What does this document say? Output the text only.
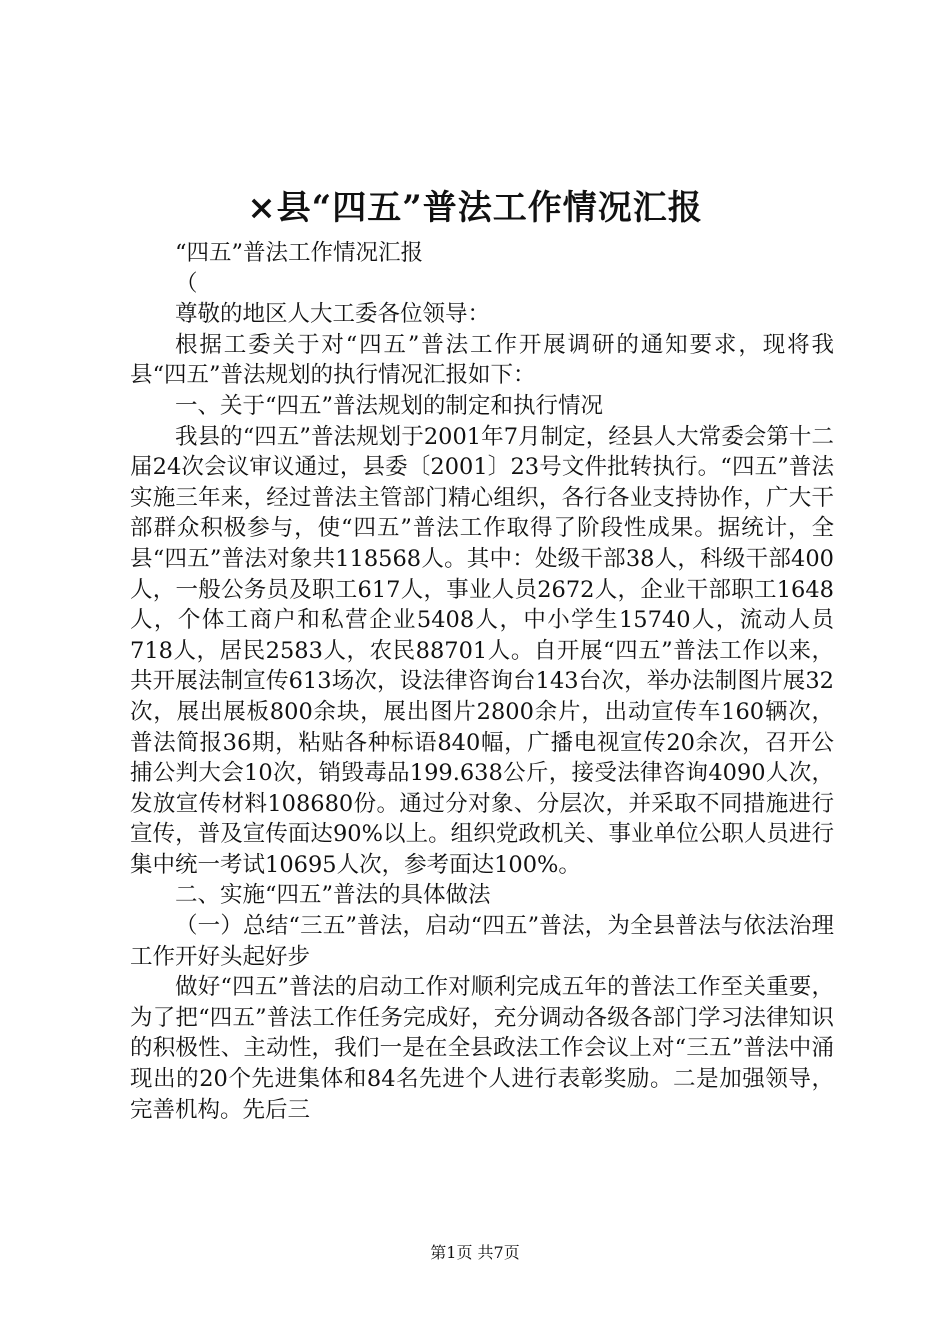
×县“四五”普法工作情况汇报

“四五”普法工作情况汇报

（

尊敬的地区人大工委各位领导：

根据工委关于对“四五”普法工作开展调研的通知要求，现将我县“四五”普法规划的执行情况汇报如下：

一、关于“四五”普法规划的制定和执行情况

我县的“四五”普法规划于2001年7月制定，经县人大常委会第十二届24次会议审议通过，县委〔2001〕23号文件批转执行。“四五”普法实施三年来，经过普法主管部门精心组织，各行各业支持协作，广大干部群众积极参与，使“四五”普法工作取得了阶段性成果。据统计，全县“四五”普法对象共118568人。其中：处级干部38人，科级干部400人，一般公务员及职工617人，事业人员2672人，企业干部职工1648人，个体工商户和私营企业5408人，中小学生15740人，流动人员718人，居民2583人，农民88701人。自开展“四五”普法工作以来，共开展法制宣传613场次，设法律咨询台143台次，举办法制图片展32次，展出展板800余块，展出图片2800余片，出动宣传车160辆次，普法简报36期，粘贴各种标语840幅，广播电视宣传20余次，召开公捕公判大会10次，销毁毒品199.638公斤，接受法律咨询4090人次，发放宣传材料108680份。通过分对象、分层次，并采取不同措施进行宣传，普及宣传面达90%以上。组织党政机关、事业单位公职人员进行集中统一考试10695人次，参考面达100%。

二、实施“四五”普法的具体做法

（一）总结“三五”普法，启动“四五”普法，为全县普法与依法治理工作开好头起好步

做好“四五”普法的启动工作对顺利完成五年的普法工作至关重要，为了把“四五”普法工作任务完成好，充分调动各级各部门学习法律知识的积极性、主动性，我们一是在全县政法工作会议上对“三五”普法中涌现出的20个先进集体和84名先进个人进行表彰奖励。二是加强领导，完善机构。先后三

第1页 共7页
